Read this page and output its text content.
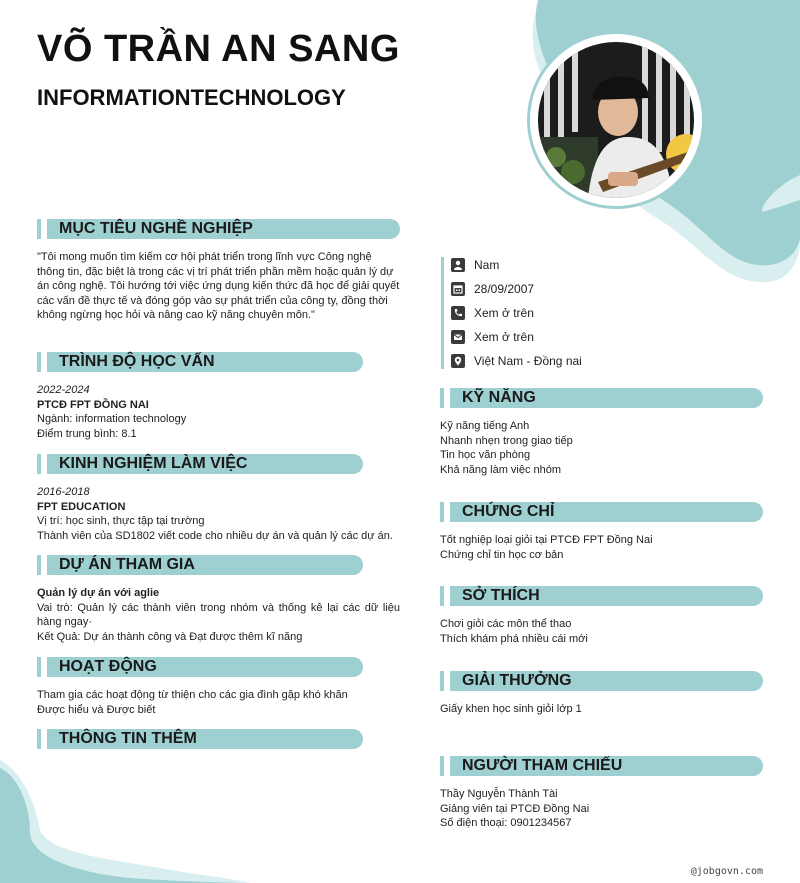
VÕ TRẦN AN SANG
INFORMATIONTECHNOLOGY
MỤC TIÊU NGHỀ NGHIỆP
"Tôi mong muốn tìm kiếm cơ hội phát triển trong lĩnh vực Công nghệ
thông tin, đặc biệt là trong các vị trí phát triển phần mềm hoặc quản lý dự
án công nghệ. Tôi hướng tới việc ứng dụng kiến thức đã học để giải quyết
các vấn đề thực tế và đóng góp vào sự phát triển của công ty, đồng thời
không ngừng học hỏi và nâng cao kỹ năng chuyên môn."
TRÌNH ĐỘ HỌC VẤN
2022-2024
PTCĐ FPT ĐỒNG NAI
Ngành: information technology
Điểm trung bình: 8.1
KINH NGHIỆM LÀM VIỆC
2016-2018
FPT EDUCATION
Vị trí: học sinh, thực tập tại trường
Thành viên của SD1802 viết code cho nhiều dự án và quản lý các dự án.
DỰ ÁN THAM GIA
Quản lý dự án với aglie
Vai trò: Quản lý các thành viên trong nhóm và thống kê lại các dữ liệu
hàng ngay·
Kết Quả: Dự án thành công và Đạt được thêm kĩ năng
HOẠT ĐỘNG
Tham gia các hoạt động từ thiện cho các gia đình gặp khó khăn
Được hiểu và Được biết
THÔNG TIN THÊM
Nam
28/09/2007
Xem ở trên
Xem ở trên
Việt Nam - Đồng nai
KỸ NĂNG
Kỹ năng tiếng Anh
Nhanh nhẹn trong giao tiếp
Tin học văn phòng
Khả năng làm việc nhóm
CHỨNG CHỈ
Tốt nghiệp loại giỏi tại PTCĐ FPT Đồng Nai
Chứng chỉ tin học cơ bản
SỞ THÍCH
Chơi giỏi các môn thể thao
Thích khám phá nhiều cái mới
GIẢI THƯỞNG
Giấy khen học sinh giỏi lớp 1
NGƯỜI THAM CHIẾU
Thầy Nguyễn Thành Tài
Giảng viên tại PTCĐ Đồng Nai
Số điện thoại: 0901234567
@jobgovn.com
